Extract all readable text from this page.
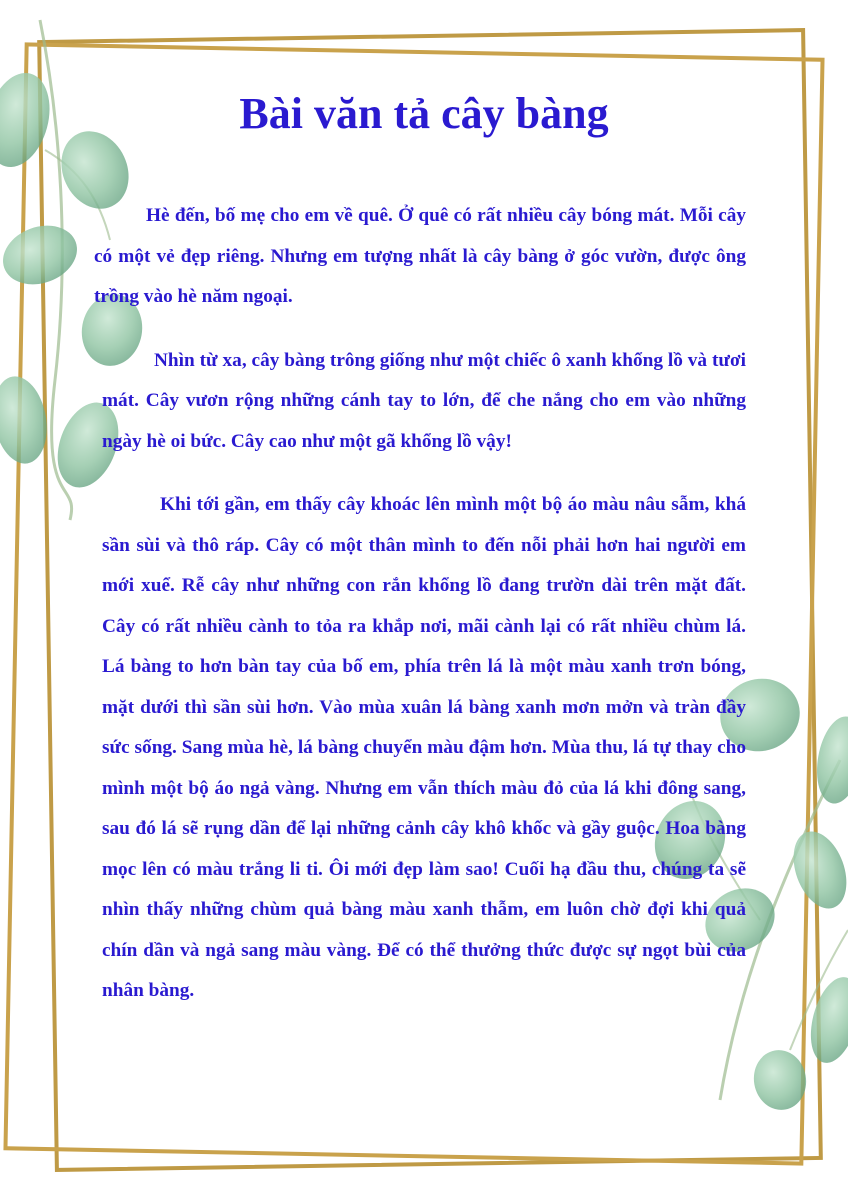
Bài văn tả cây bàng

Hè đến, bố mẹ cho em về quê. Ở quê có rất nhiều cây bóng mát. Mỗi cây có một vẻ đẹp riêng. Nhưng em tượng nhất là cây bàng ở góc vườn, được ông trồng vào hè năm ngoại.

Nhìn từ xa, cây bàng trông giống như một chiếc ô xanh khổng lồ và tươi mát. Cây vươn rộng những cánh tay to lớn, để che nắng cho em vào những ngày hè oi bức. Cây cao như một gã khổng lồ vậy!

Khi tới gần, em thấy cây khoác lên mình một bộ áo màu nâu sẫm, khá sần sùi và thô ráp. Cây có một thân mình to đến nỗi phải hơn hai người em mới xuể. Rễ cây như những con rắn khổng lồ đang trườn dài trên mặt đất. Cây có rất nhiều cành to tỏa ra khắp nơi, mãi cành lại có rất nhiều chùm lá. Lá bàng to hơn bàn tay của bố em, phía trên lá là một màu xanh trơn bóng, mặt dưới thì sần sùi hơn. Vào mùa xuân lá bàng xanh mơn mởn và tràn đầy sức sống. Sang mùa hè, lá bàng chuyển màu đậm hơn. Mùa thu, lá tự thay cho mình một bộ áo ngả vàng. Nhưng em vẫn thích màu đỏ của lá khi đông sang, sau đó lá sẽ rụng dần để lại những cảnh cây khô khốc và gầy guộc. Hoa bàng mọc lên có màu trắng li ti. Ôi mới đẹp làm sao! Cuối hạ đầu thu, chúng ta sẽ nhìn thấy những chùm quả bàng màu xanh thẫm, em luôn chờ đợi khi quả chín dần và ngả sang màu vàng. Để có thể thưởng thức được sự ngọt bùi của nhân bàng.
